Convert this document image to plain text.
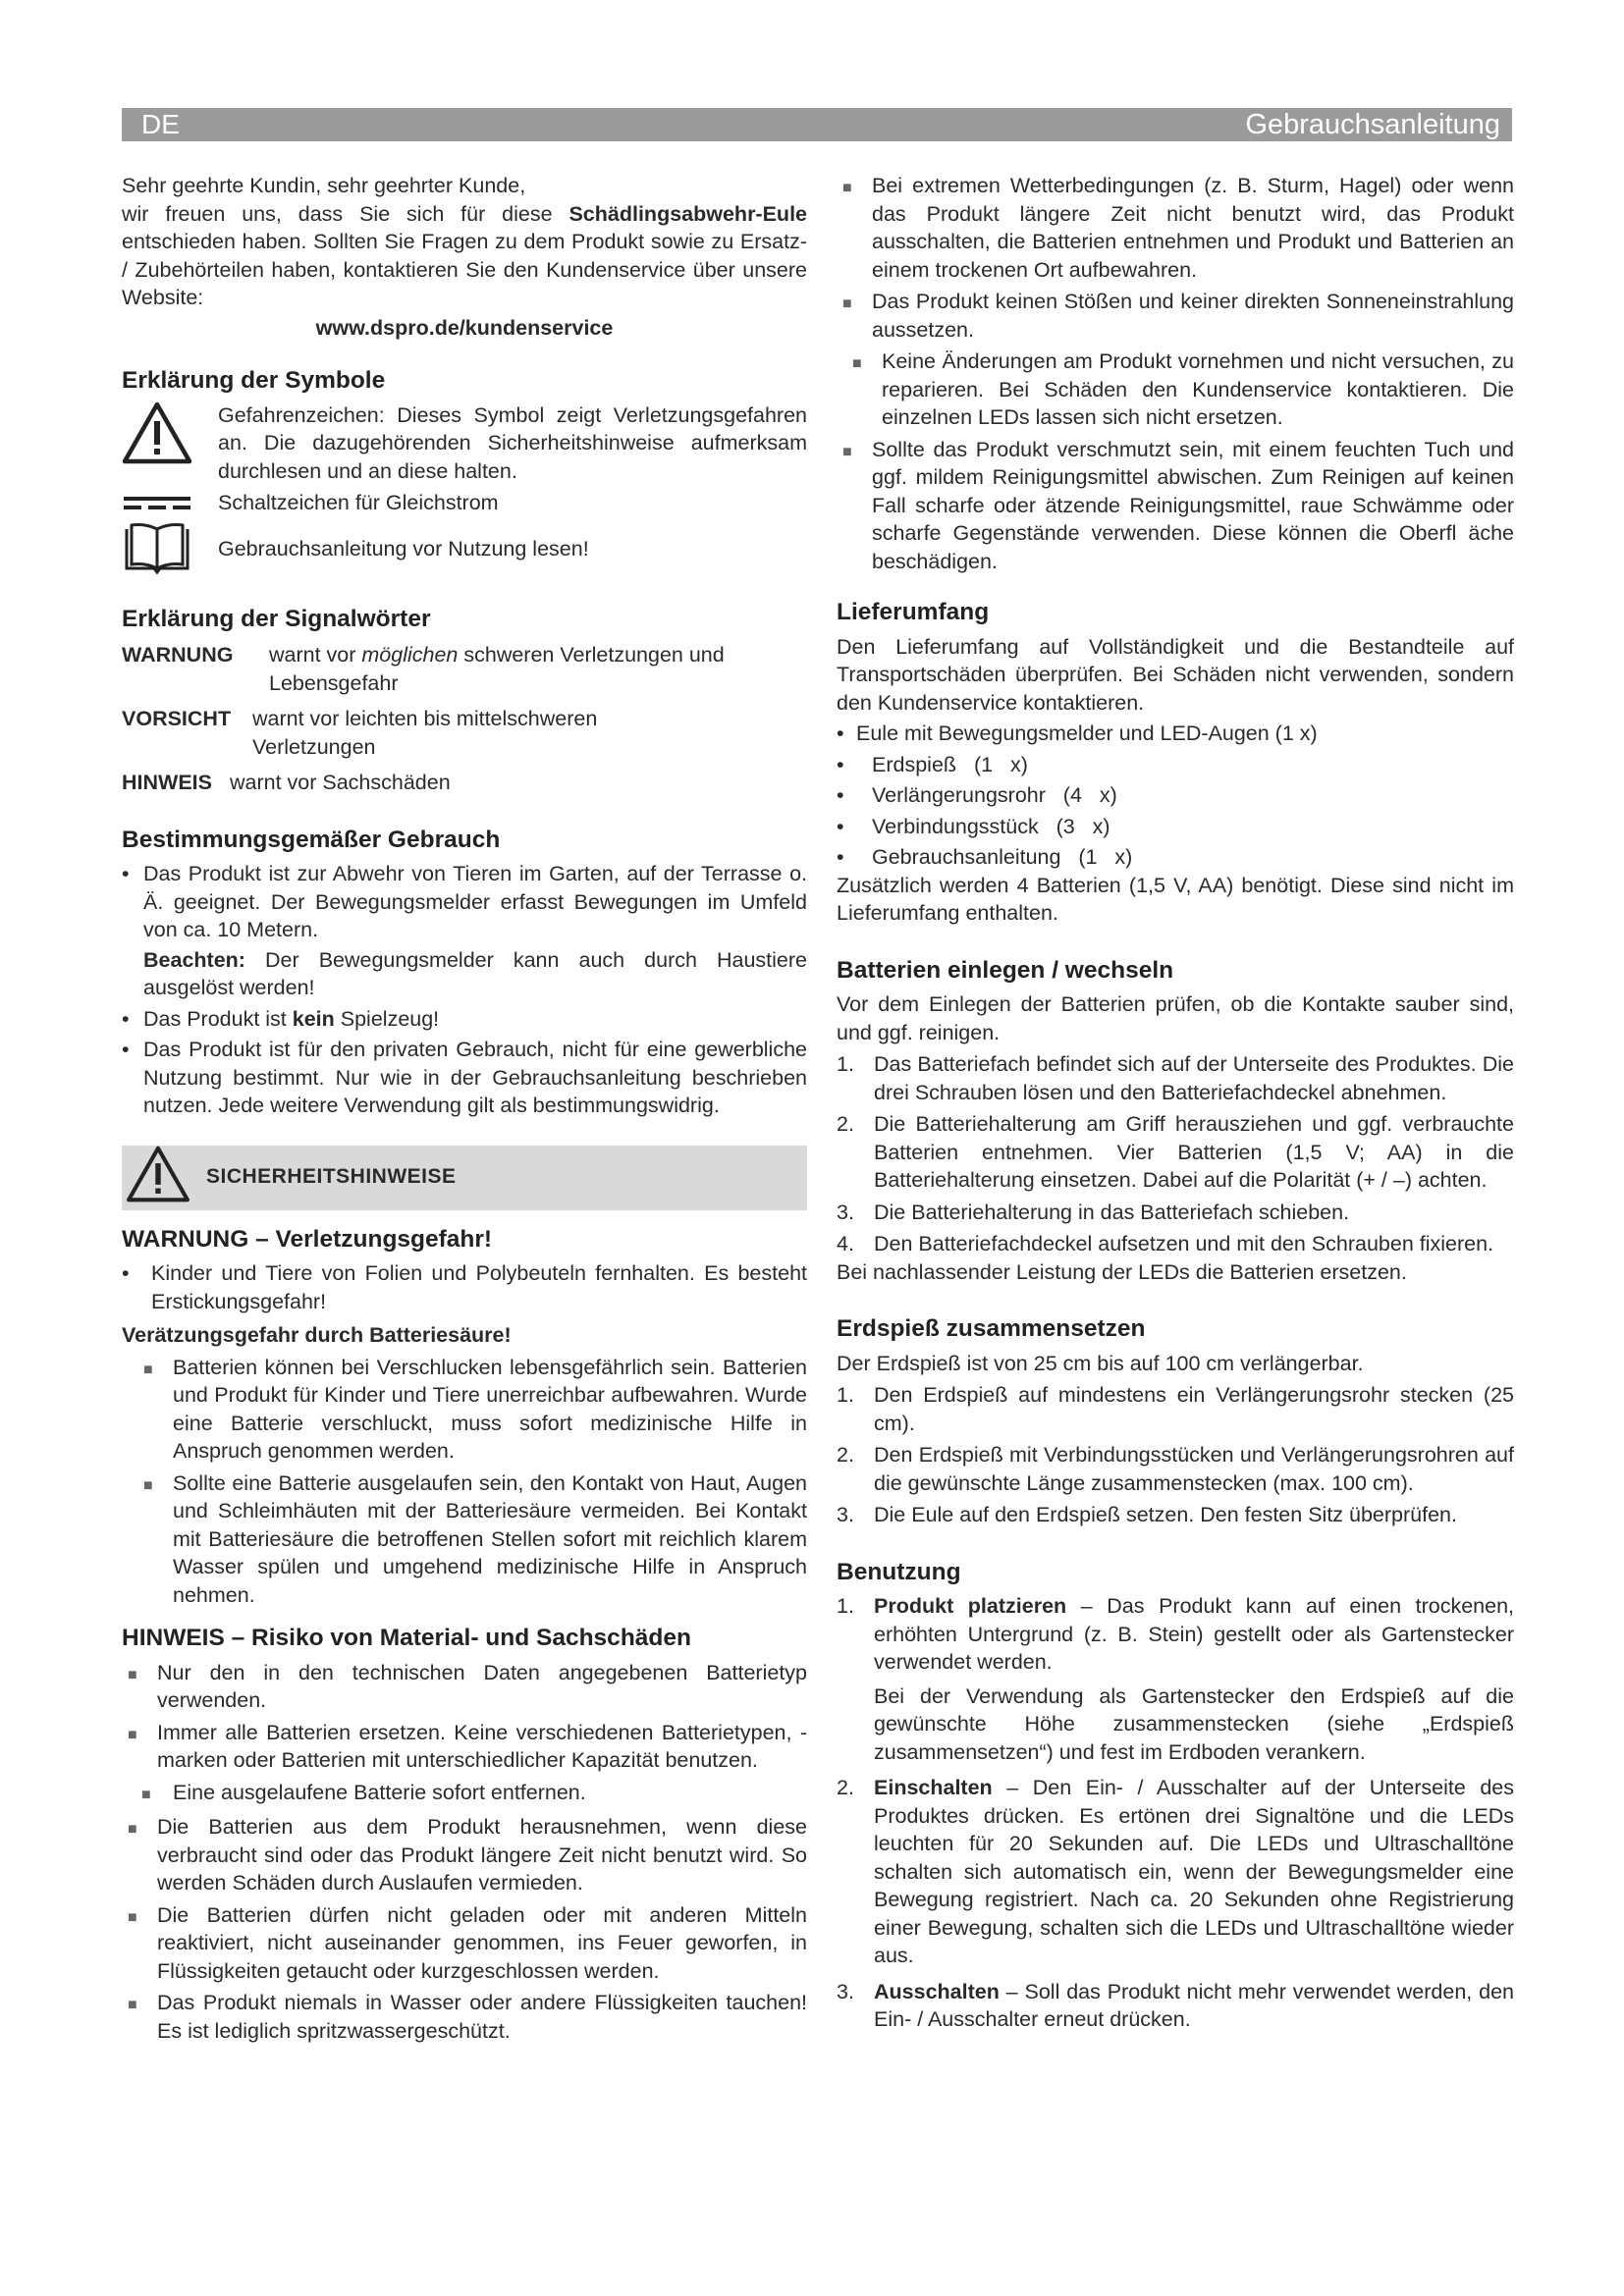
DE	Gebrauchsanleitung

Sehr geehrte Kundin, sehr geehrter Kunde,

wir freuen uns, dass Sie sich für diese Schädlingsabwehr-Eule entschieden haben. Sollten Sie Fragen zu dem Produkt sowie zu Ersatz- / Zubehörteilen haben, kontaktieren Sie den Kundenservice über unsere Website:

www.dspro.de/kundenservice

Erklärung der Symbole
Gefahrenzeichen: Dieses Symbol zeigt Verletzungsgefahren an. Die dazugehörenden Sicherheitshinweise aufmerksam durchlesen und an diese halten.
Schaltzeichen für Gleichstrom
Gebrauchsanleitung vor Nutzung lesen!
Erklärung der Signalwörter
WARNUNG	warnt vor möglichen schweren Verletzungen und Lebensgefahr
VORSICHT	warnt vor leichten bis mittelschweren Verletzungen
HINWEIS warnt vor Sachschäden
Bestimmungsgemäßer Gebrauch
• Das Produkt ist zur Abwehr von Tieren im Garten, auf der Terrasse o. Ä. geeignet. Der Bewegungsmelder erfasst Bewegungen im Umfeld von ca. 10 Metern.

Beachten: Der Bewegungsmelder kann auch durch Haustiere ausgelöst werden!

• Das Produkt ist kein Spielzeug!
• Das Produkt ist für den privaten Gebrauch, nicht für eine gewerbliche Nutzung bestimmt. Nur wie in der Gebrauchsanleitung beschrieben nutzen. Jede weitere Verwendung gilt als bestimmungswidrig.
SICHERHEITSHINWEISE
WARNUNG – Verletzungsgefahr!
•	Kinder und Tiere von Folien und Polybeuteln fernhalten. Es besteht Erstickungsgefahr!

Verätzungsgefahr durch Batteriesäure!

■ Batterien können bei Verschlucken lebensgefährlich sein. Batterien und Produkt für Kinder und Tiere unerreichbar aufbewahren. Wurde eine Batterie verschluckt, muss sofort medizinische Hilfe in Anspruch genommen werden.
■ Sollte eine Batterie ausgelaufen sein, den Kontakt von Haut, Augen und Schleimhäuten mit der Batteriesäure vermeiden. Bei Kontakt mit Batteriesäure die betroffenen Stellen sofort mit reichlich klarem Wasser spülen und umgehend medizinische Hilfe in Anspruch nehmen.
HINWEIS – Risiko von Material- und Sachschäden
■ Nur den in den technischen Daten angegebenen Batterietyp verwenden.
■ Immer alle Batterien ersetzen. Keine verschiedenen Batterietypen, -marken oder Batterien mit unterschiedlicher Kapazität benutzen.
■	Eine ausgelaufene Batterie sofort entfernen.
■ Die Batterien aus dem Produkt herausnehmen, wenn diese verbraucht sind oder das Produkt längere Zeit nicht benutzt wird. So werden Schäden durch Auslaufen vermieden.
■ Die Batterien dürfen nicht geladen oder mit anderen Mitteln reaktiviert, nicht auseinander genommen, ins Feuer geworfen, in Flüssigkeiten getaucht oder kurzgeschlossen werden.
■ Das Produkt niemals in Wasser oder andere Flüssigkeiten tauchen! Es ist lediglich spritzwassergeschützt.
■ Bei extremen Wetterbedingungen (z. B. Sturm, Hagel) oder wenn das Produkt längere Zeit nicht benutzt wird, das Produkt ausschalten, die Batterien entnehmen und Produkt und Batterien an einem trockenen Ort aufbewahren.
■ Das Produkt keinen Stößen und keiner direkten Sonneneinstrahlung aussetzen.
■ Keine Änderungen am Produkt vornehmen und nicht versuchen, zu reparieren. Bei Schäden den Kundenservice kontaktieren. Die einzelnen LEDs lassen sich nicht ersetzen.
■ Sollte das Produkt verschmutzt sein, mit einem feuchten Tuch und ggf. mildem Reinigungsmittel abwischen. Zum Reinigen auf keinen Fall scharfe oder ätzende Reinigungsmittel, raue Schwämme oder scharfe Gegenstände verwenden. Diese können die Oberfl äche beschädigen.
Lieferumfang

Den Lieferumfang auf Vollständigkeit und die Bestandteile auf Transportschäden überprüfen. Bei Schäden nicht verwenden, sondern den Kundenservice kontaktieren.

• Eule mit Bewegungsmelder und LED-Augen (1 x)
•	Erdspieß   (1   x)
•	Verlängerungsrohr   (4   x)
•	Verbindungsstück   (3   x)
•	Gebrauchsanleitung   (1   x)

Zusätzlich werden 4 Batterien (1,5 V, AA) benötigt. Diese sind nicht im Lieferumfang enthalten.

Batterien einlegen / wechseln

Vor dem Einlegen der Batterien prüfen, ob die Kontakte sauber sind, und ggf. reinigen.

1. Das Batteriefach befindet sich auf der Unterseite des Produktes. Die drei Schrauben lösen und den Batteriefachdeckel abnehmen.
2. Die Batteriehalterung am Griff herausziehen und ggf. verbrauchte Batterien entnehmen. Vier Batterien (1,5 V; AA) in die Batteriehalterung einsetzen. Dabei auf die Polarität (+ / –) achten.
3. Die Batteriehalterung in das Batteriefach schieben.
4. Den Batteriefachdeckel aufsetzen und mit den Schrauben fixieren.

Bei nachlassender Leistung der LEDs die Batterien ersetzen.

Erdspieß zusammensetzen

Der Erdspieß ist von 25 cm bis auf 100 cm verlängerbar.

1. Den Erdspieß auf mindestens ein Verlängerungsrohr stecken (25 cm).
2. Den Erdspieß mit Verbindungsstücken und Verlängerungsrohren auf die gewünschte Länge zusammenstecken (max. 100 cm).
3. Die Eule auf den Erdspieß setzen. Den festen Sitz überprüfen.
Benutzung
1. Produkt platzieren – Das Produkt kann auf einen trockenen, erhöhten Untergrund (z. B. Stein) gestellt oder als Gartenstecker verwendet werden.

Bei der Verwendung als Gartenstecker den Erdspieß auf die gewünschte Höhe zusammenstecken (siehe „Erdspieß zusammensetzen“) und fest im Erdboden verankern.

2. Einschalten – Den Ein- / Ausschalter auf der Unterseite des Produktes drücken. Es ertönen drei Signaltöne und die LEDs leuchten für 20 Sekunden auf. Die LEDs und Ultraschalltöne schalten sich automatisch ein, wenn der Bewegungsmelder eine Bewegung registriert. Nach ca. 20 Sekunden ohne Registrierung einer Bewegung, schalten sich die LEDs und Ultraschalltöne wieder aus.

3. Ausschalten – Soll das Produkt nicht mehr verwendet werden, den Ein- / Ausschalter erneut drücken.
